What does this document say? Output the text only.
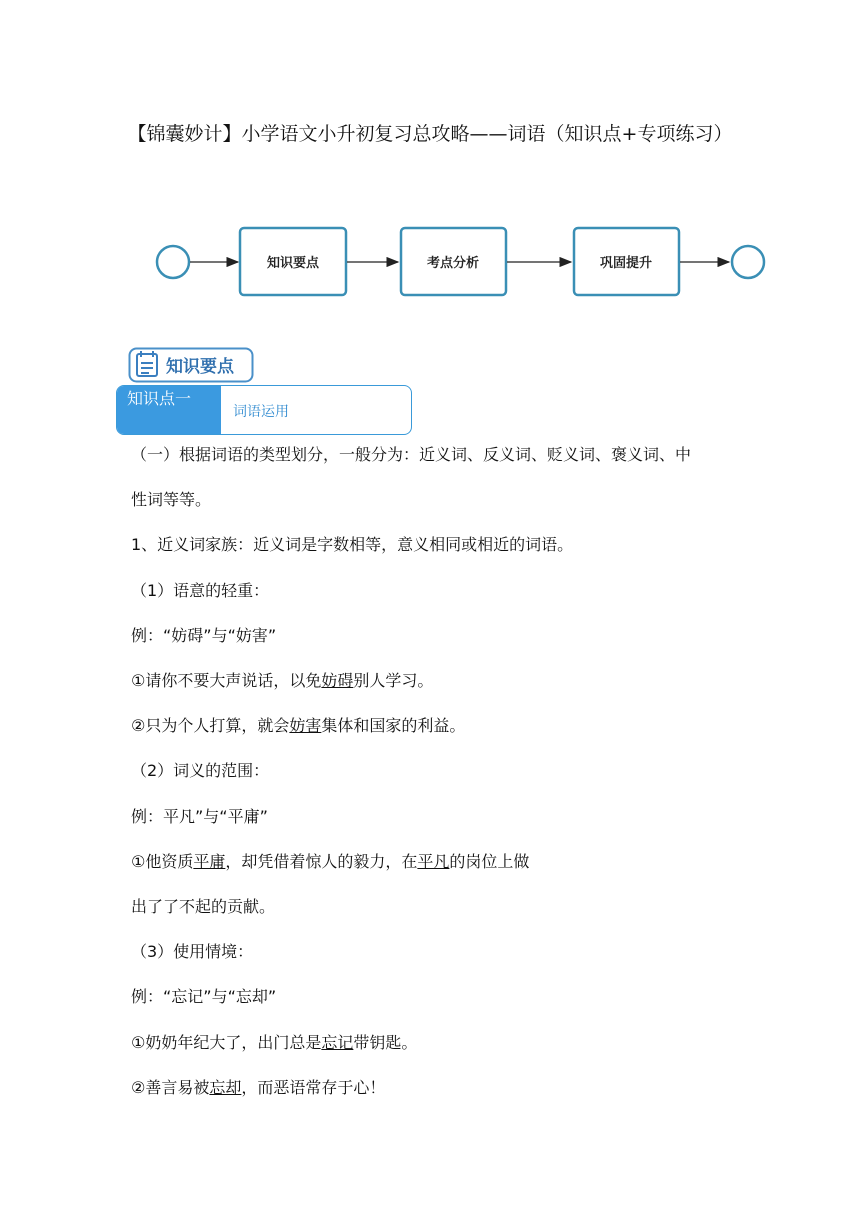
【锦囊妙计】小学语文小升初复习总攻略——词语（知识点+专项练习）
知识要点	考点分析	巩固提升
知识要点
知识点一
词语运用

（一）根据词语的类型划分，一般分为：近义词、反义词、贬义词、褒义词、中

性词等等。

1、近义词家族：近义词是字数相等，意义相同或相近的词语。

（1）语意的轻重：

例：“妨碍”与“妨害”

①请你不要大声说话，以免妨碍别人学习。

②只为个人打算，就会妨害集体和国家的利益。

（2）词义的范围：

例：平凡”与“平庸”

①他资质平庸，却凭借着惊人的毅力，在平凡的岗位上做

出了了不起的贡献。

（3）使用情境：

例：“忘记”与“忘却”

①奶奶年纪大了，出门总是忘记带钥匙。

②善言易被忘却，而恶语常存于心！
